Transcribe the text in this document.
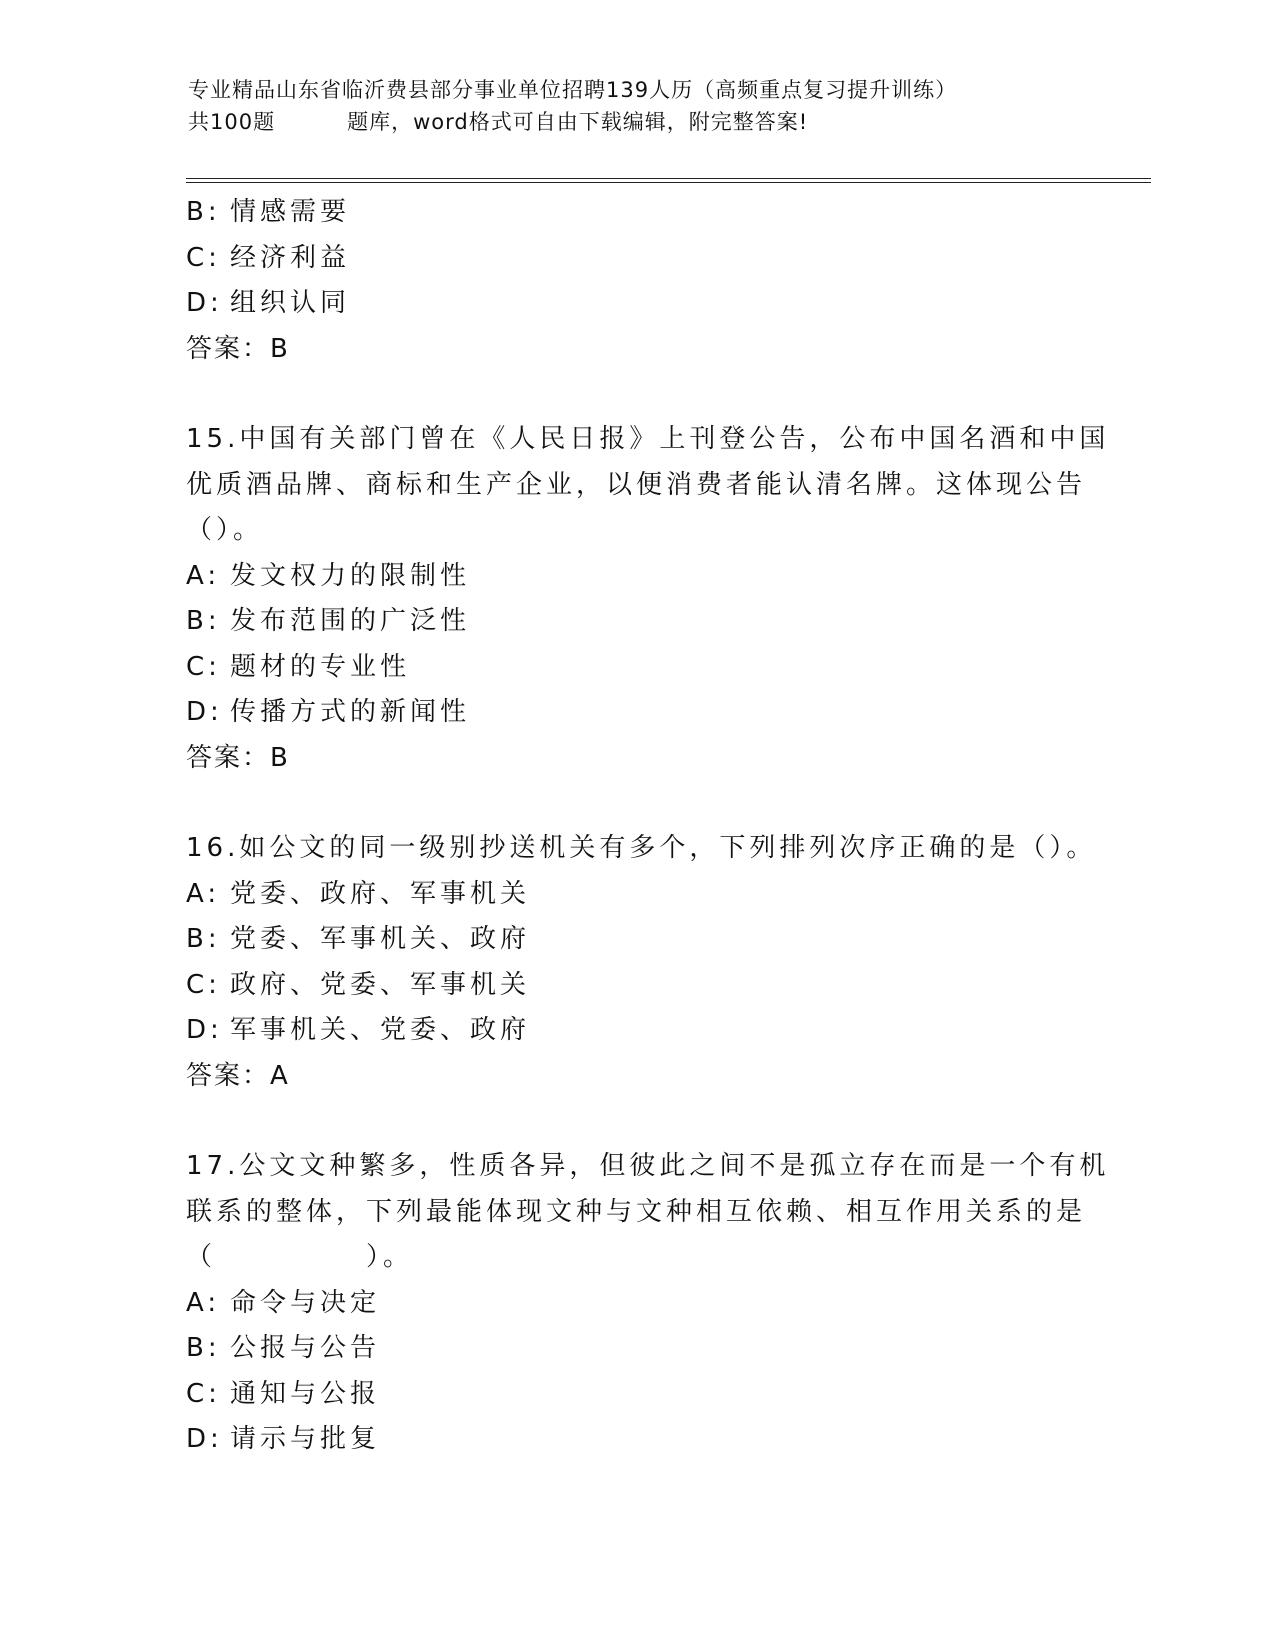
专业精品山东省临沂费县部分事业单位招聘139人历（高频重点复习提升训练）
共100题	题库，word格式可自由下载编辑，附完整答案!
B: 情感需要
C: 经济利益
D: 组织认同
答案：B
15.中国有关部门曾在《人民日报》上刊登公告，公布中国名酒和中国
优质酒品牌、商标和生产企业，以便消费者能认清名牌。这体现公告
（）。
A: 发文权力的限制性
B: 发布范围的广泛性
C: 题材的专业性
D: 传播方式的新闻性
答案：B
16.如公文的同一级别抄送机关有多个，下列排列次序正确的是（）。
A: 党委、政府、军事机关
B: 党委、军事机关、政府
C: 政府、党委、军事机关
D: 军事机关、党委、政府
答案：A
17.公文文种繁多，性质各异，但彼此之间不是孤立存在而是一个有机
联系的整体，下列最能体现文种与文种相互依赖、相互作用关系的是
（　　　　　）。
A: 命令与决定
B: 公报与公告
C: 通知与公报
D: 请示与批复
